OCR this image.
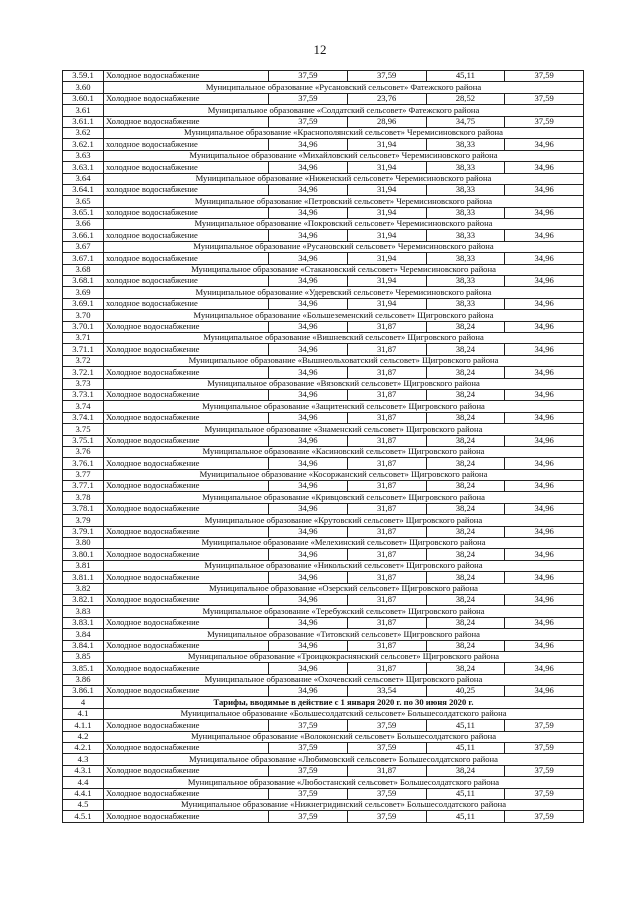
12
3.59.1	Холодное водоснабжение	37,59	37,59	45,11	37,59
3.60	Муниципальное образование «Русановский сельсовет» Фатежского района				
3.60.1	Холодное водоснабжение	37,59	23,76	28,52	37,59
3.61	Муниципальное образование «Солдатский сельсовет» Фатежского района				
3.61.1	Холодное водоснабжение	37,59	28,96	34,75	37,59
3.62	Муниципальное образование «Краснополянский сельсовет» Черемисиновского района				
3.62.1	холодное водоснабжение	34,96	31,94	38,33	34,96
3.63	Муниципальное образование «Михайловский сельсовет» Черемисиновского района				
3.63.1	холодное водоснабжение	34,96	31,94	38,33	34,96
3.64	Муниципальное образование «Ниженский сельсовет» Черемисиновского района				
3.64.1	холодное водоснабжение	34,96	31,94	38,33	34,96
3.65	Муниципальное образование «Петровский сельсовет» Черемисиновского района				
3.65.1	холодное водоснабжение	34,96	31,94	38,33	34,96
3.66	Муниципальное образование «Покровский сельсовет» Черемисиновского района				
3.66.1	холодное водоснабжение	34,96	31,94	38,33	34,96
3.67	Муниципальное образование «Русановский сельсовет» Черемисиновского района				
3.67.1	холодное водоснабжение	34,96	31,94	38,33	34,96
3.68	Муниципальное образование «Стакановский сельсовет» Черемисиновского района				
3.68.1	холодное водоснабжение	34,96	31,94	38,33	34,96
3.69	Муниципальное образование «Удеревский сельсовет» Черемисиновского района				
3.69.1	холодное водоснабжение	34,96	31,94	38,33	34,96
3.70	Муниципальное образование «Большеземенский сельсовет» Щигровского района				
3.70.1	Холодное водоснабжение	34,96	31,87	38,24	34,96
3.71	Муниципальное образование «Вишневский сельсовет» Щигровского района				
3.71.1	Холодное водоснабжение	34,96	31,87	38,24	34,96
3.72	Муниципальное образование «Вышнеольховатский сельсовет» Щигровского района				
3.72.1	Холодное водоснабжение	34,96	31,87	38,24	34,96
3.73	Муниципальное образование «Вязовский сельсовет» Щигровского района				
3.73.1	Холодное водоснабжение	34,96	31,87	38,24	34,96
3.74	Муниципальное образование «Защитенский сельсовет» Щигровского района				
3.74.1	Холодное водоснабжение	34,96	31,87	38,24	34,96
3.75	Муниципальное образование «Знаменский сельсовет» Щигровского района				
3.75.1	Холодное водоснабжение	34,96	31,87	38,24	34,96
3.76	Муниципальное образование «Касиновский сельсовет» Щигровского района				
3.76.1	Холодное водоснабжение	34,96	31,87	38,24	34,96
3.77	Муниципальное образование «Косоржанский сельсовет» Щигровского района				
3.77.1	Холодное водоснабжение	34,96	31,87	38,24	34,96
3.78	Муниципальное образование «Кривцовский сельсовет» Щигровского района				
3.78.1	Холодное водоснабжение	34,96	31,87	38,24	34,96
3.79	Муниципальное образование «Крутовский сельсовет» Щигровского района				
3.79.1	Холодное водоснабжение	34,96	31,87	38,24	34,96
3.80	Муниципальное образование «Мелехинский сельсовет» Щигровского района				
3.80.1	Холодное водоснабжение	34,96	31,87	38,24	34,96
3.81	Муниципальное образование «Никольский сельсовет» Щигровского района				
3.81.1	Холодное водоснабжение	34,96	31,87	38,24	34,96
3.82	Муниципальное образование «Озерский сельсовет» Щигровского района				
3.82.1	Холодное водоснабжение	34,96	31,87	38,24	34,96
3.83	Муниципальное образование «Теребужский сельсовет» Щигровского района				
3.83.1	Холодное водоснабжение	34,96	31,87	38,24	34,96
3.84	Муниципальное образование «Титовский сельсовет» Щигровского района				
3.84.1	Холодное водоснабжение	34,96	31,87	38,24	34,96
3.85	Муниципальное образование «Троицкокраснянский сельсовет» Щигровского района				
3.85.1	Холодное водоснабжение	34,96	31,87	38,24	34,96
3.86	Муниципальное образование «Охочевский сельсовет» Щигровского района				
3.86.1	Холодное водоснабжение	34,96	33,54	40,25	34,96
4	Тарифы, вводимые в действие с 1 января 2020 г. по 30 июня 2020 г.				
4.1	Муниципальное образование «Большесолдатский сельсовет» Большесолдатского района				
4.1.1	Холодное водоснабжение	37,59	37,59	45,11	37,59
4.2	Муниципальное образование «Волоконский сельсовет» Большесолдатского района				
4.2.1	Холодное водоснабжение	37,59	37,59	45,11	37,59
4.3	Муниципальное образование «Любимовский сельсовет» Большесолдатского района				
4.3.1	Холодное водоснабжение	37,59	31,87	38,24	37,59
4.4	Муниципальное образование «Любостанский сельсовет» Большесолдатского района				
4.4.1	Холодное водоснабжение	37,59	37,59	45,11	37,59
4.5	Муниципальное образование «Нижнегридинский сельсовет» Большесолдатского района				
4.5.1	Холодное водоснабжение	37,59	37,59	45,11	37,59
